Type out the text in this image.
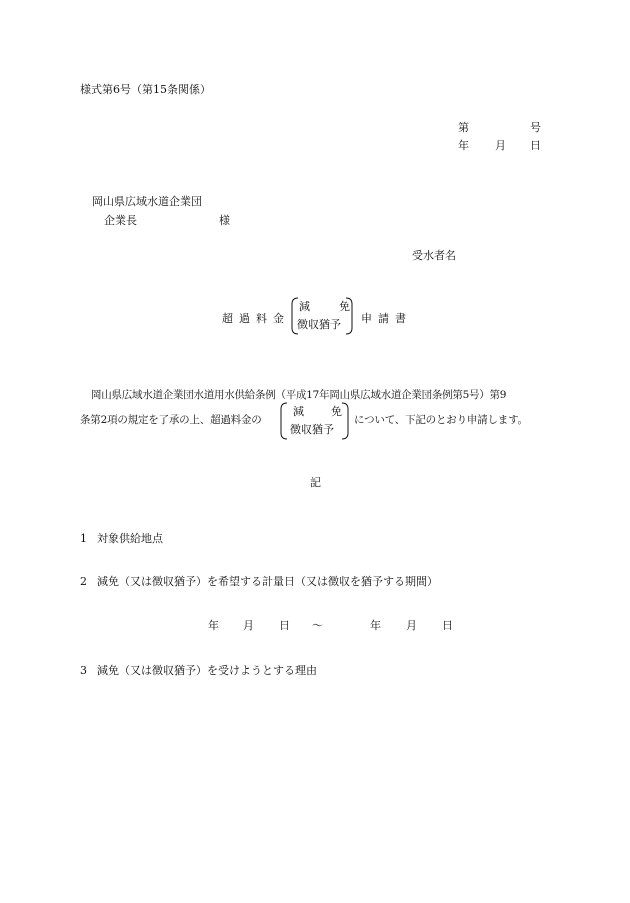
様式第6号（第15条関係）
第	号
年 月 日
岡山県広域水道企業団
企業長	様
受水者名
超 過 料 金
減	免
徴収猶予 申 請 書
岡山県広域水道企業団水道用水供給条例（平成17年岡山県広域水道企業団条例第5号）第9
条第2項の規定を了承の上、超過料金の
減 免
徴収猶予
について、下記のとおり申請します。
記
1 対象供給地点
2 減免（又は徴収猶予）を希望する計量日（又は徴収を猶予する期間）
年 月 日 〜	年 月 日
3 減免（又は徴収猶予）を受けようとする理由
